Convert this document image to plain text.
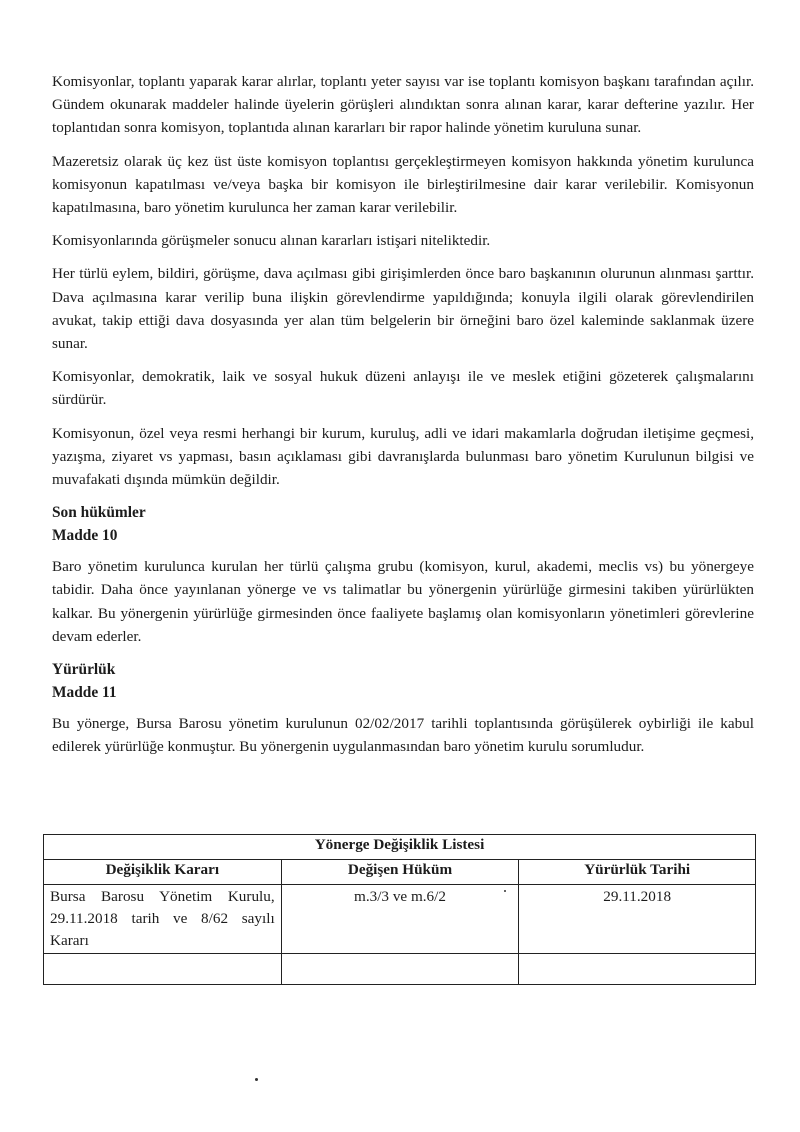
Komisyonlar, toplantı yaparak karar alırlar, toplantı yeter sayısı var ise toplantı komisyon başkanı tarafından açılır. Gündem okunarak maddeler halinde üyelerin görüşleri alındıktan sonra alınan karar, karar defterine yazılır. Her toplantıdan sonra komisyon, toplantıda alınan kararları bir rapor halinde yönetim kuruluna sunar.

Mazeretsiz olarak üç kez üst üste komisyon toplantısı gerçekleştirmeyen komisyon hakkında yönetim kurulunca komisyonun kapatılması ve/veya başka bir komisyon ile birleştirilmesine dair karar verilebilir. Komisyonun kapatılmasına, baro yönetim kurulunca her zaman karar verilebilir.

Komisyonlarında görüşmeler sonucu alınan kararları istişari niteliktedir.

Her türlü eylem, bildiri, görüşme, dava açılması gibi girişimlerden önce baro başkanının olurunun alınması şarttır. Dava açılmasına karar verilip buna ilişkin görevlendirme yapıldığında; konuyla ilgili olarak görevlendirilen avukat, takip ettiği dava dosyasında yer alan tüm belgelerin bir örneğini baro özel kaleminde saklanmak üzere sunar.

Komisyonlar, demokratik, laik ve sosyal hukuk düzeni anlayışı ile ve meslek etiğini gözeterek çalışmalarını sürdürür.

Komisyonun, özel veya resmi herhangi bir kurum, kuruluş, adli ve idari makamlarla doğrudan iletişime geçmesi, yazışma, ziyaret vs yapması, basın açıklaması gibi davranışlarda bulunması baro yönetim Kurulunun bilgisi ve muvafakati dışında mümkün değildir.

Son hükümler
Madde 10

Baro yönetim kurulunca kurulan her türlü çalışma grubu (komisyon, kurul, akademi, meclis vs) bu yönergeye tabidir. Daha önce yayınlanan yönerge ve vs talimatlar bu yönergenin yürürlüğe girmesini takiben yürürlükten kalkar. Bu yönergenin yürürlüğe girmesinden önce faaliyete başlamış olan komisyonların yönetimleri görevlerine devam ederler.

Yürürlük
Madde 11

Bu yönerge, Bursa Barosu yönetim kurulunun 02/02/2017 tarihli toplantısında görüşülerek oybirliği ile kabul edilerek yürürlüğe konmuştur. Bu yönergenin uygulanmasından baro yönetim kurulu sorumludur.

Yönerge Değişiklik Listesi		
Değişiklik Kararı	Değişen Hüküm	Yürürlük Tarihi
Bursa Barosu Yönetim Kurulu, 29.11.2018 tarih ve 8/62 sayılı Kararı	m.3/3 ve m.6/2	29.11.2018
